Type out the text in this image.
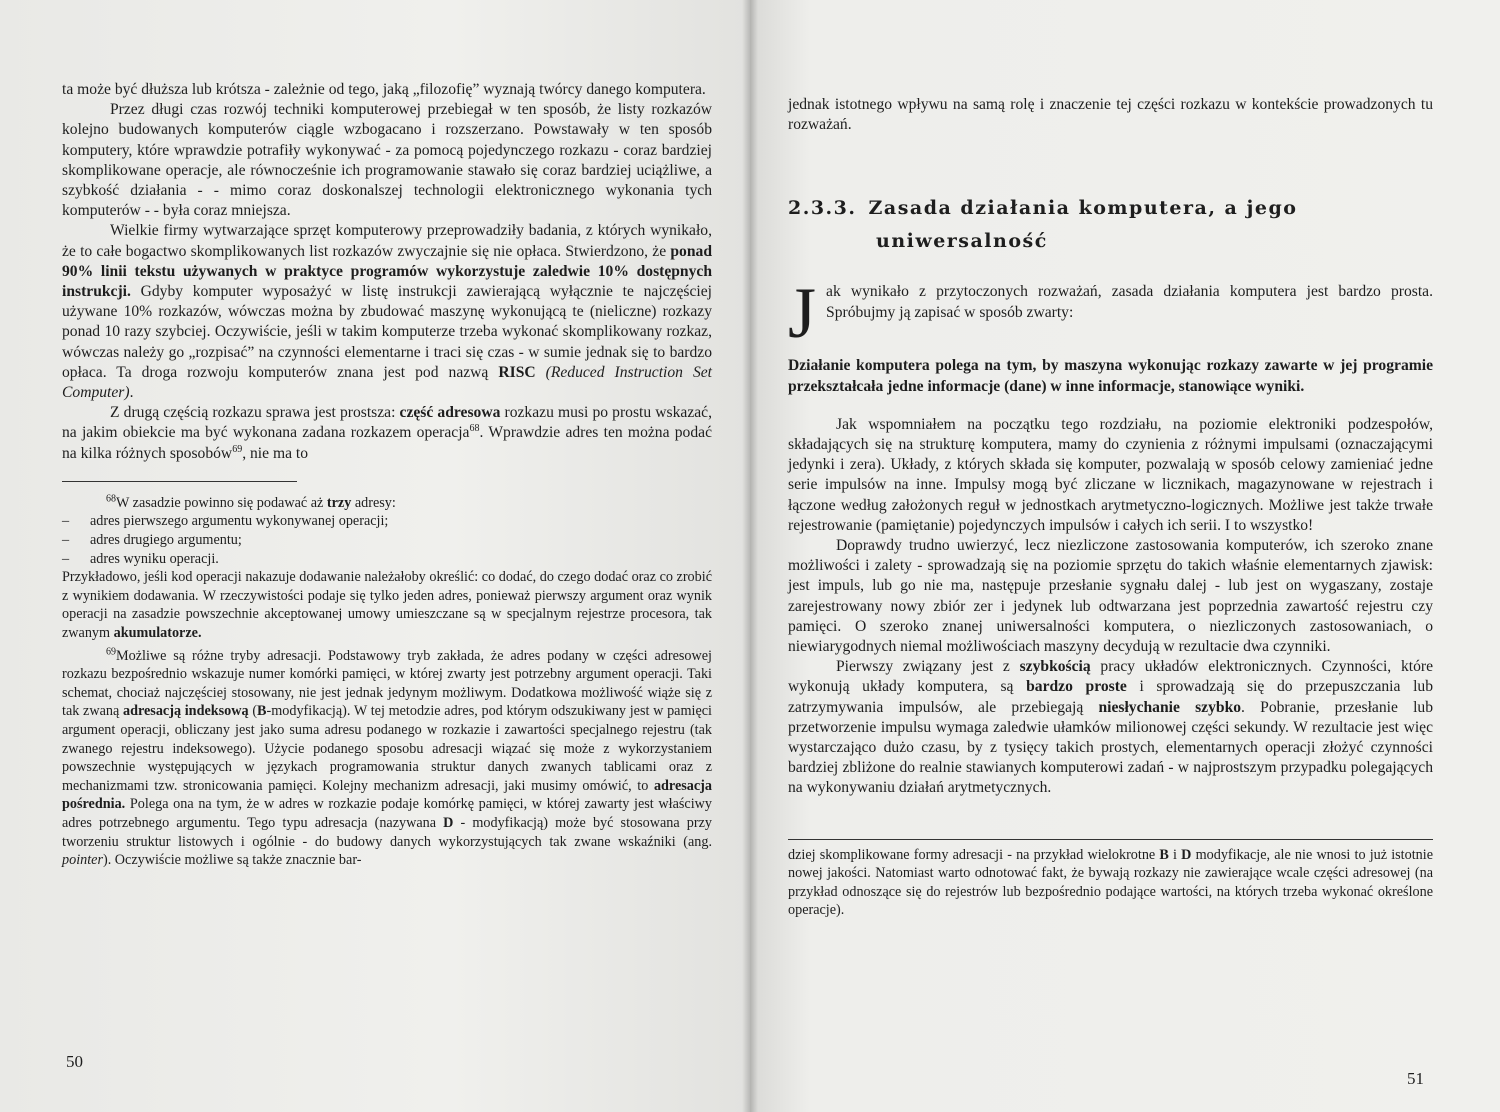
ta może być dłuższa lub krótsza - zależnie od tego, jaką „filozofię” wyznają twórcy danego komputera.

Przez długi czas rozwój techniki komputerowej przebiegał w ten sposób, że listy rozkazów kolejno budowanych komputerów ciągle wzbogacano i rozszerzano. Powstawały w ten sposób komputery, które wprawdzie potrafiły wykonywać - za pomocą pojedynczego rozkazu - coraz bardziej skomplikowane operacje, ale równocześnie ich programowanie stawało się coraz bardziej uciążliwe, a szybkość działania - - mimo coraz doskonalszej technologii elektronicznego wykonania tych komputerów - - była coraz mniejsza.

Wielkie firmy wytwarzające sprzęt komputerowy przeprowadziły badania, z których wynikało, że to całe bogactwo skomplikowanych list rozkazów zwyczajnie się nie opłaca. Stwierdzono, że ponad 90% linii tekstu używanych w praktyce programów wykorzystuje zaledwie 10% dostępnych instrukcji. Gdyby komputer wyposażyć w listę instrukcji zawierającą wyłącznie te najczęściej używane 10% rozkazów, wówczas można by zbudować maszynę wykonującą te (nieliczne) rozkazy ponad 10 razy szybciej. Oczywiście, jeśli w takim komputerze trzeba wykonać skomplikowany rozkaz, wówczas należy go „rozpisać” na czynności elementarne i traci się czas - w sumie jednak się to bardzo opłaca. Ta droga rozwoju komputerów znana jest pod nazwą RISC (Reduced Instruction Set Computer).

Z drugą częścią rozkazu sprawa jest prostsza: część adresowa rozkazu musi po prostu wskazać, na jakim obiekcie ma być wykonana zadana rozkazem operacja$^{68}$. Wprawdzie adres ten można podać na kilka różnych sposobów$^{69}$, nie ma to

$^{68}$W zasadzie powinno się podawać aż trzy adresy:

– adres pierwszego argumentu wykonywanej operacji;
– adres drugiego argumentu;
– adres wyniku operacji.

Przykładowo, jeśli kod operacji nakazuje dodawanie należałoby określić: co dodać, do czego dodać oraz co zrobić z wynikiem dodawania. W rzeczywistości podaje się tylko jeden adres, ponieważ pierwszy argument oraz wynik operacji na zasadzie powszechnie akceptowanej umowy umieszczane są w specjalnym rejestrze procesora, tak zwanym akumulatorze.

$^{69}$Możliwe są różne tryby adresacji. Podstawowy tryb zakłada, że adres podany w części adresowej rozkazu bezpośrednio wskazuje numer komórki pamięci, w której zwarty jest potrzebny argument operacji. Taki schemat, chociaż najczęściej stosowany, nie jest jednak jedynym możliwym. Dodatkowa możliwość wiąże się z tak zwaną adresacją indeksową (B-modyfikacją). W tej metodzie adres, pod którym odszukiwany jest w pamięci argument operacji, obliczany jest jako suma adresu podanego w rozkazie i zawartości specjalnego rejestru (tak zwanego rejestru indeksowego). Użycie podanego sposobu adresacji wiązać się może z wykorzystaniem powszechnie występujących w językach programowania struktur danych zwanych tablicami oraz z mechanizmami tzw. stronicowania pamięci. Kolejny mechanizm adresacji, jaki musimy omówić, to adresacja pośrednia. Polega ona na tym, że w adres w rozkazie podaje komórkę pamięci, w której zawarty jest właściwy adres potrzebnego argumentu. Tego typu adresacja (nazywana D - modyfikacją) może być stosowana przy tworzeniu struktur listowych i ogólnie - do budowy danych wykorzystujących tak zwane wskaźniki (ang. pointer). Oczywiście możliwe są także znacznie bar-

50

jednak istotnego wpływu na samą rolę i znaczenie tej części rozkazu w kontekście prowadzonych tu rozważań.

2.3.3. Zasada działania komputera, a jego
uniwersalność
J ak wynikało z przytoczonych rozważań, zasada działania komputera jest bardzo prosta. Spróbujmy ją zapisać w sposób zwarty:

Działanie komputera polega na tym, by maszyna wykonując rozkazy zawarte w jej programie przekształcała jedne informacje (dane) w inne informacje, stanowiące wyniki.

Jak wspomniałem na początku tego rozdziału, na poziomie elektroniki podzespołów, składających się na strukturę komputera, mamy do czynienia z różnymi impulsami (oznaczającymi jedynki i zera). Układy, z których składa się komputer, pozwalają w sposób celowy zamieniać jedne serie impulsów na inne. Impulsy mogą być zliczane w licznikach, magazynowane w rejestrach i łączone według założonych reguł w jednostkach arytmetyczno-logicznych. Możliwe jest także trwałe rejestrowanie (pamiętanie) pojedynczych impulsów i całych ich serii. I to wszystko!

Doprawdy trudno uwierzyć, lecz niezliczone zastosowania komputerów, ich szeroko znane możliwości i zalety - sprowadzają się na poziomie sprzętu do takich właśnie elementarnych zjawisk: jest impuls, lub go nie ma, następuje przesłanie sygnału dalej - lub jest on wygaszany, zostaje zarejestrowany nowy zbiór zer i jedynek lub odtwarzana jest poprzednia zawartość rejestru czy pamięci. O szeroko znanej uniwersalności komputera, o niezliczonych zastosowaniach, o niewiarygodnych niemal możliwościach maszyny decydują w rezultacie dwa czynniki.

Pierwszy związany jest z szybkością pracy układów elektronicznych. Czynności, które wykonują układy komputera, są bardzo proste i sprowadzają się do przepuszczania lub zatrzymywania impulsów, ale przebiegają niesłychanie szybko. Pobranie, przesłanie lub przetworzenie impulsu wymaga zaledwie ułamków milionowej części sekundy. W rezultacie jest więc wystarczająco dużo czasu, by z tysięcy takich prostych, elementarnych operacji złożyć czynności bardziej zbliżone do realnie stawianych komputerowi zadań - w najprostszym przypadku polegających na wykonywaniu działań arytmetycznych.

dziej skomplikowane formy adresacji - na przykład wielokrotne B i D modyfikacje, ale nie wnosi to już istotnie nowej jakości. Natomiast warto odnotować fakt, że bywają rozkazy nie zawierające wcale części adresowej (na przykład odnoszące się do rejestrów lub bezpośrednio podające wartości, na których trzeba wykonać określone operacje).

51
